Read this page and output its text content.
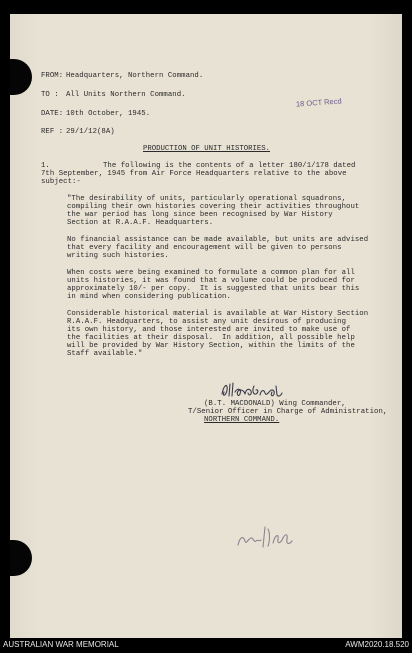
FROM: Headquarters, Northern Command.
TO : All Units Northern Command.
DATE: 10th October, 1945.
REF : 29/1/12(8A)
18 OCT Recd
PRODUCTION OF UNIT HISTORIES.
1.            The following is the contents of a letter 180/1/178 dated
7th September, 1945 from Air Force Headquarters relative to the above
subject:-
"The desirability of units, particularly operational squadrons,
compiling their own histories covering their activities throughout
the war period has long since been recognised by War History
Section at R.A.A.F. Headquarters.
No financial assistance can be made available, but units are advised
that every facility and encouragement will be given to persons
writing such histories.
When costs were being examined to formulate a common plan for all
units histories, it was found that a volume could be produced for
approximately 10/- per copy.  It is suggested that units bear this
in mind when considering publication.
Considerable historical material is available at War History Section
R.A.A.F. Headquarters, to assist any unit desirous of producing
its own history, and those interested are invited to make use of
the facilities at their disposal.  In addition, all possible help
will be provided by War History Section, within the limits of the
Staff available."
(B.T. MACDONALD) Wing Commander,
T/Senior Officer in Charge of Administration,
NORTHERN COMMAND.
AUSTRALIAN WAR MEMORIAL	AWM2020.18.520
